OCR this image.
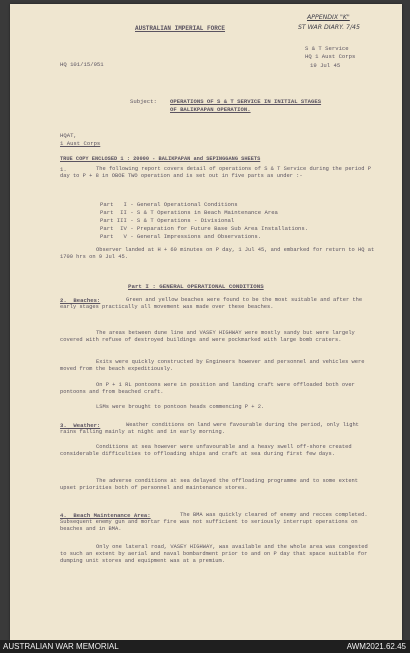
AUSTRALIAN IMPERIAL FORCE
APPENDIX "K"
ST WAR DIARY. 7/45
HQ 101/15/951
S & T Service
HQ 1 Aust Corps
19 Jul 45
Subject: OPERATIONS OF S & T SERVICE IN INITIAL STAGES
OF BALIKPAPAN OPERATION.
HQAT,
1 Aust Corps
TRUE COPY ENCLOSED 1 : 20000 - BALIKPAPAN and SEPINGGANG SHEETS
1.	The following report covers detail of operations of S & T Service during the period P day to P + 8 in OBOE TWO operation and is set out in five parts as under :-
Part   I - General Operational Conditions
Part  II - S & T Operations in Beach Maintenance Area
Part III - S & T Operations - Divisional
Part  IV - Preparation for Future Base Sub Area Installations.
Part   V - General Impressions and Observations.
Observer landed at H + 60 minutes on P day, 1 Jul 45, and embarked for return to HQ at 1700 hrs on 9 Jul 45.
Part I : GENERAL OPERATIONAL CONDITIONS
2.  Beaches:	Green and yellow beaches were found to be the most suitable and after the early stages practically all movement was made over these beaches.
The areas between dune line and VASEY HIGHWAY were mostly sandy but were largely covered with refuse of destroyed buildings and were pockmarked with large bomb craters.
Exits were quickly constructed by Engineers however and personnel and vehicles were moved from the beach expeditiously.
On P + 1 RL pontoons were in position and landing craft were offloaded both over pontoons and from beached craft.
LSMs were brought to pontoon heads commencing P + 2.
3.  Weather:	Weather conditions on land were favourable during the period, only light rains falling mainly at night and in early morning.
Conditions at sea however were unfavourable and a heavy swell off-shore created considerable difficulties to offloading ships and craft at sea during first few days.
The adverse conditions at sea delayed the offloading programme and to some extent upset priorities both of personnel and maintenance stores.
4.  Beach Maintenance Area:	The BMA was quickly cleared of enemy and recces completed. Subsequent enemy gun and mortar fire was not sufficient to seriously interrupt operations on beaches and in BMA.
Only one lateral road, VASEY HIGHWAY, was available and the whole area was congested to such an extent by aerial and naval bombardment prior to and on P day that space suitable for dumping unit stores and equipment was at a premium.
AUSTRALIAN WAR MEMORIAL	AWM2021.62.45
